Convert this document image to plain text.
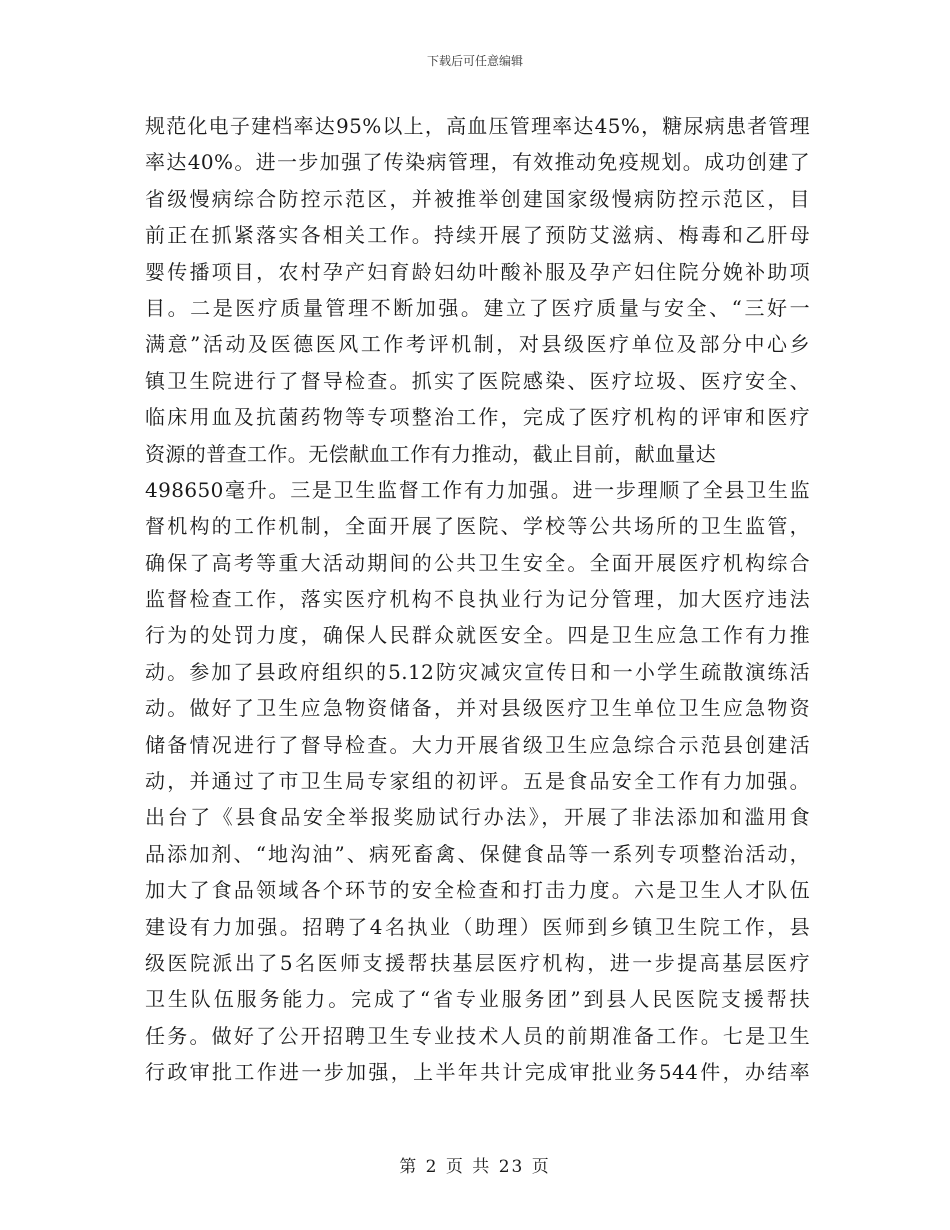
下载后可任意编辑
规范化电子建档率达95%以上，高血压管理率达45%，糖尿病患者管理
率达40%。进一步加强了传染病管理，有效推动免疫规划。成功创建了
省级慢病综合防控示范区，并被推举创建国家级慢病防控示范区，目
前正在抓紧落实各相关工作。持续开展了预防艾滋病、梅毒和乙肝母
婴传播项目，农村孕产妇育龄妇幼叶酸补服及孕产妇住院分娩补助项
目。二是医疗质量管理不断加强。建立了医疗质量与安全、“三好一
满意”活动及医德医风工作考评机制，对县级医疗单位及部分中心乡
镇卫生院进行了督导检查。抓实了医院感染、医疗垃圾、医疗安全、
临床用血及抗菌药物等专项整治工作，完成了医疗机构的评审和医疗
资源的普查工作。无偿献血工作有力推动，截止目前，献血量达
498650毫升。三是卫生监督工作有力加强。进一步理顺了全县卫生监
督机构的工作机制，全面开展了医院、学校等公共场所的卫生监管，
确保了高考等重大活动期间的公共卫生安全。全面开展医疗机构综合
监督检查工作，落实医疗机构不良执业行为记分管理，加大医疗违法
行为的处罚力度，确保人民群众就医安全。四是卫生应急工作有力推
动。参加了县政府组织的5.12防灾减灾宣传日和一小学生疏散演练活
动。做好了卫生应急物资储备，并对县级医疗卫生单位卫生应急物资
储备情况进行了督导检查。大力开展省级卫生应急综合示范县创建活
动，并通过了市卫生局专家组的初评。五是食品安全工作有力加强。
出台了《县食品安全举报奖励试行办法》，开展了非法添加和滥用食
品添加剂、“地沟油”、病死畜禽、保健食品等一系列专项整治活动，
加大了食品领域各个环节的安全检查和打击力度。六是卫生人才队伍
建设有力加强。招聘了4名执业（助理）医师到乡镇卫生院工作，县
级医院派出了5名医师支援帮扶基层医疗机构，进一步提高基层医疗
卫生队伍服务能力。完成了“省专业服务团”到县人民医院支援帮扶
任务。做好了公开招聘卫生专业技术人员的前期准备工作。七是卫生
行政审批工作进一步加强，上半年共计完成审批业务544件，办结率
第 2 页 共 23 页
